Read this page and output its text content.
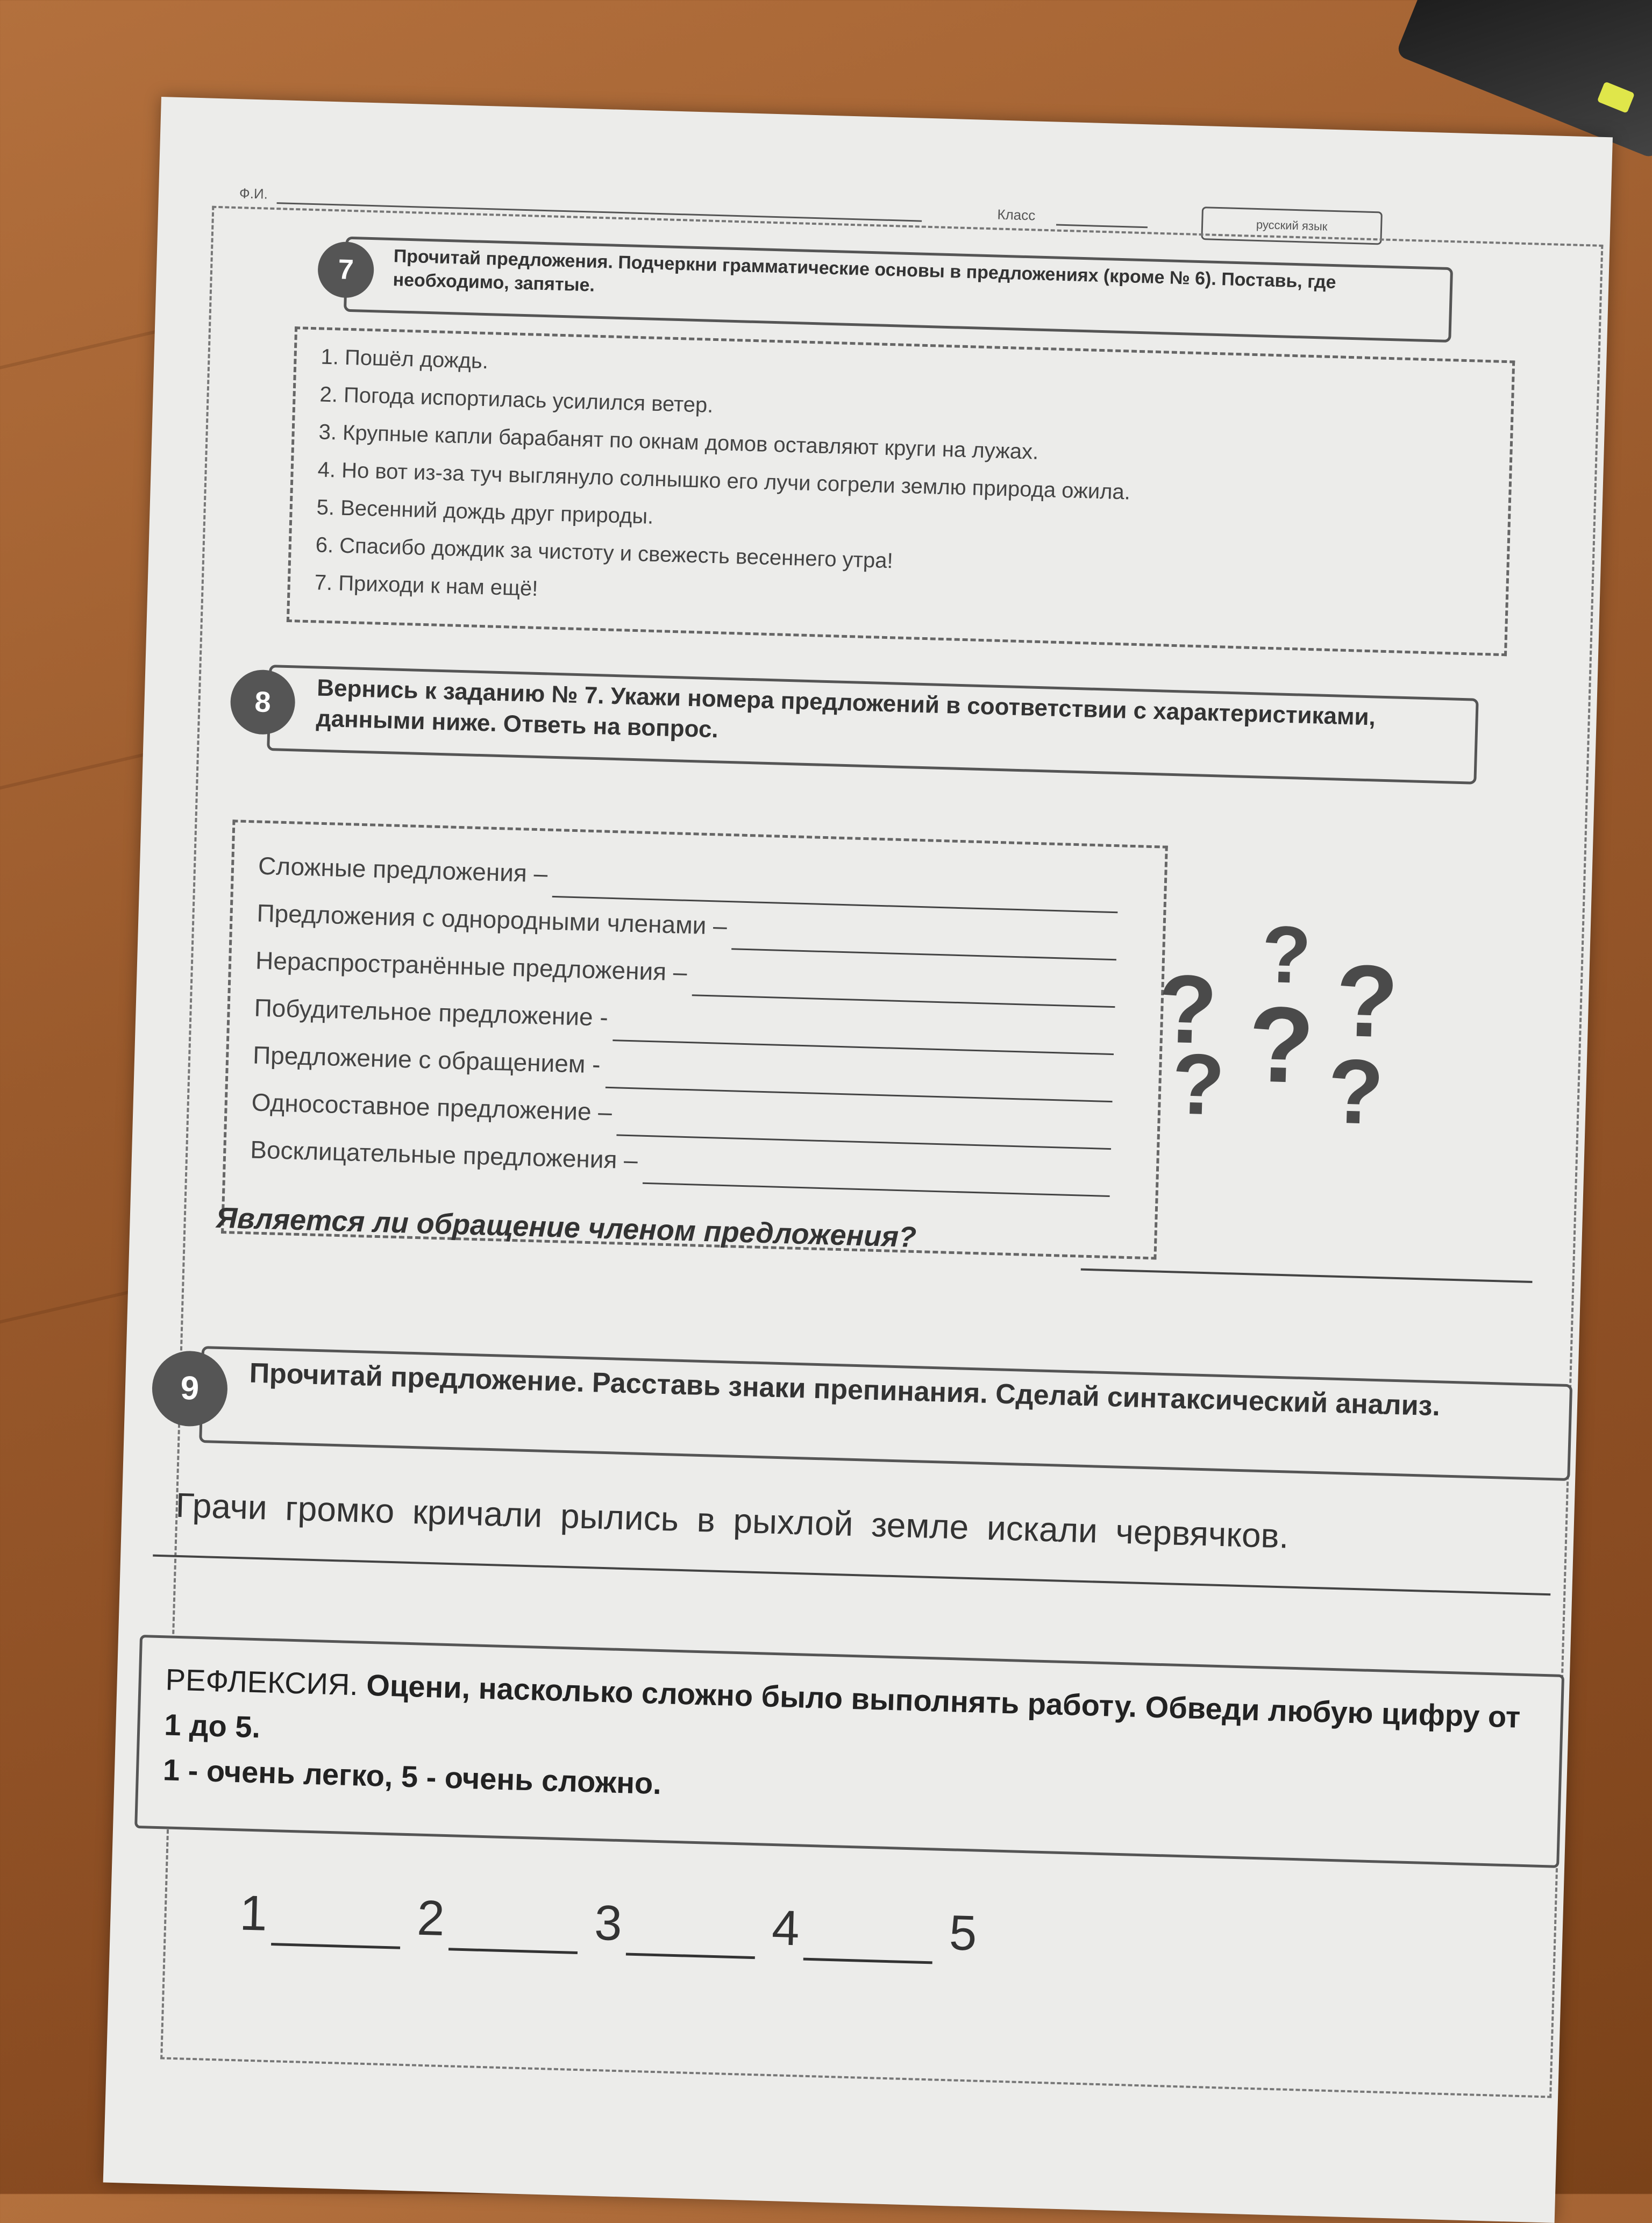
Ф.И.
Класс
русский язык
7	Прочитай предложения. Подчеркни грамматические основы в предложениях (кроме № 6). Поставь, где необходимо, запятые.
1. Пошёл дождь.
2. Погода испортилась усилился ветер.
3. Крупные капли барабанят по окнам домов оставляют круги на лужах.
4. Но вот из-за туч выглянуло солнышко его лучи согрели землю природа ожила.
5. Весенний дождь друг природы.
6. Спасибо дождик за чистоту и свежесть весеннего утра!
7. Приходи к нам ещё!
8	Вернись к заданию № 7. Укажи номера предложений в соответствии с характеристиками, данными ниже. Ответь на вопрос.
Сложные предложения –
Предложения с однородными членами –
Нераспространённые предложения –
Побудительное предложение -
Предложение с обращением -
Односоставное предложение –
Восклицательные предложения –
?
? ? ?
? ?
Является ли обращение членом предложения?
9	Прочитай предложение. Расставь знаки препинания. Сделай синтаксический анализ.
Грачи громко кричали рылись в рыхлой земле искали червячков.
РЕФЛЕКСИЯ. Оцени, насколько сложно было выполнять работу. Обведи любую цифру от 1 до 5.
1 - очень легко, 5 - очень сложно.
1	2	3	4	5
